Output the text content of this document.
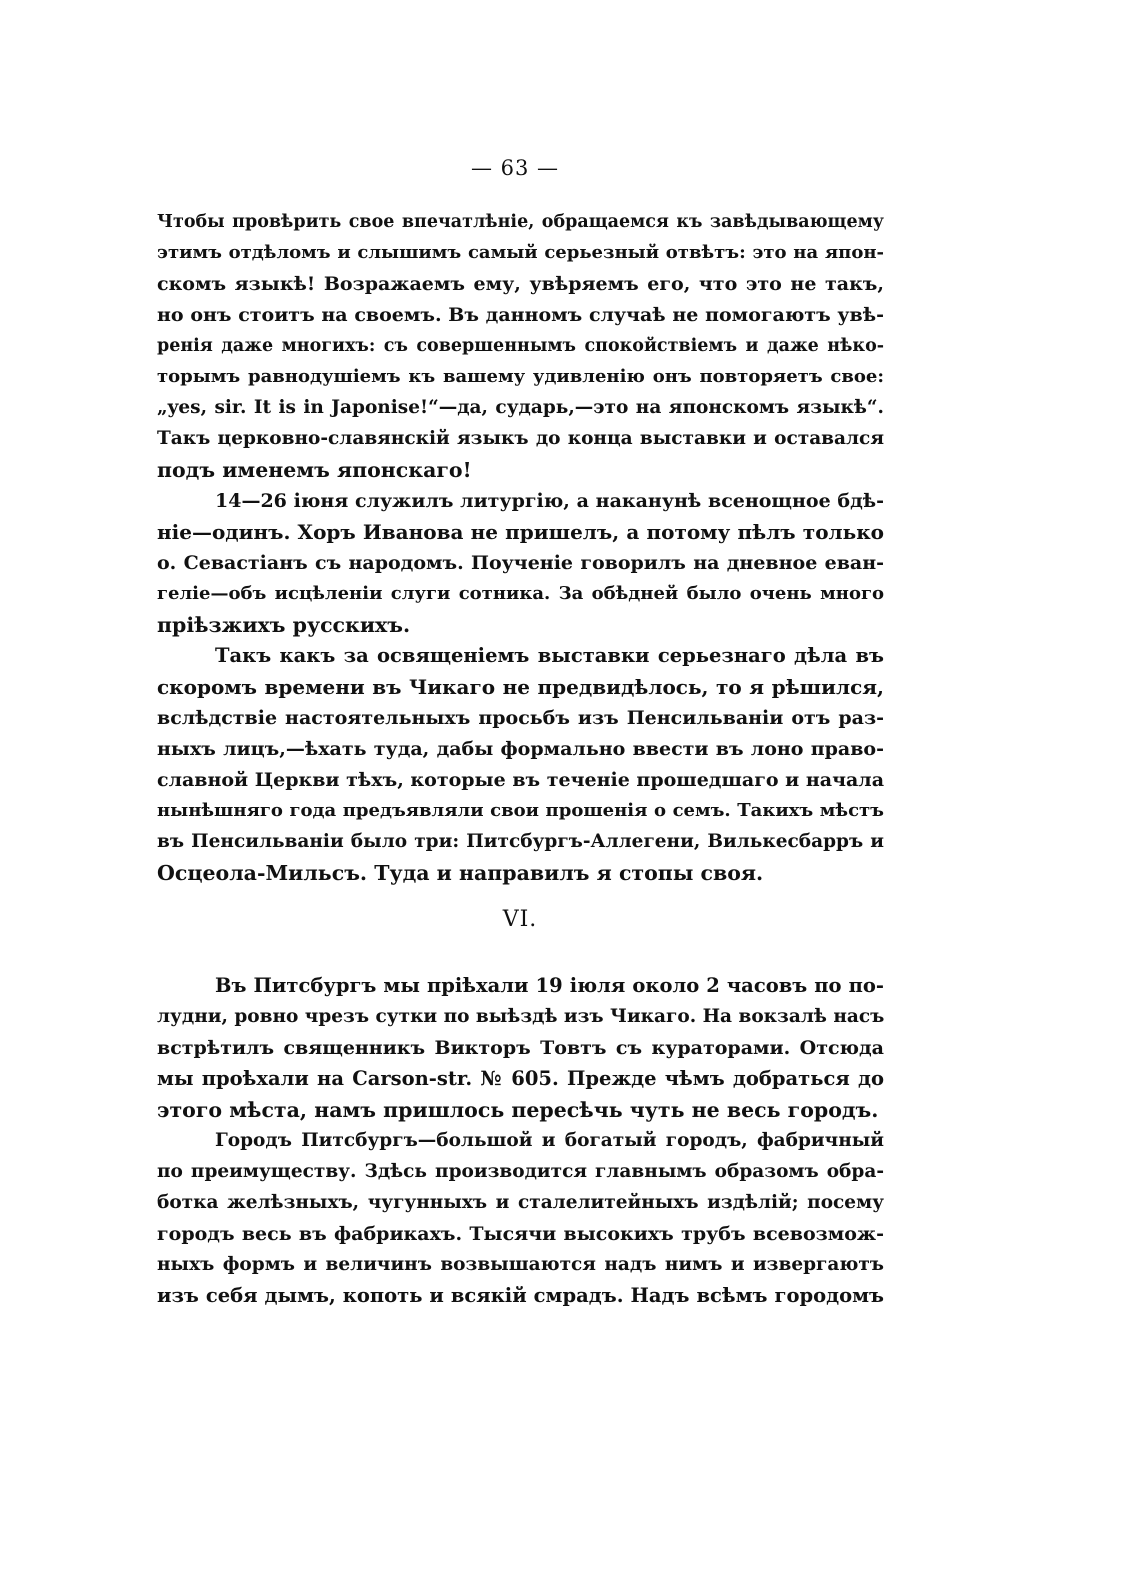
— 63 —
Чтобы провѣрить свое впечатлѣніе, обращаемся къ завѣдывающему
этимъ отдѣломъ и слышимъ самый серьезный отвѣтъ: это на япон-
скомъ языкѣ! Возражаемъ ему, увѣряемъ его, что это не такъ,
но онъ стоитъ на своемъ. Въ данномъ случаѣ не помогаютъ увѣ-
ренія даже многихъ: съ совершеннымъ спокойствіемъ и даже нѣко-
торымъ равнодушіемъ къ вашему удивленію онъ повторяетъ свое:
„yes, sir. It is in Japonise!“—да, сударь,—это на японскомъ языкѣ“.
Такъ церковно-славянскій языкъ до конца выставки и оставался
подъ именемъ японскаго!
14—26 іюня служилъ литургію, а наканунѣ всенощное бдѣ-
ніе—одинъ. Хоръ Иванова не пришелъ, а потому пѣлъ только
о. Севастіанъ съ народомъ. Поученіе говорилъ на дневное еван-
геліе—объ исцѣленіи слуги сотника. За обѣдней было очень много
пріѣзжихъ русскихъ.
Такъ какъ за освященіемъ выставки серьезнаго дѣла въ
скоромъ времени въ Чикаго не предвидѣлось, то я рѣшился,
вслѣдствіе настоятельныхъ просьбъ изъ Пенсильваніи отъ раз-
ныхъ лицъ,—ѣхать туда, дабы формально ввести въ лоно право-
славной Церкви тѣхъ, которые въ теченіе прошедшаго и начала
нынѣшняго года предъявляли свои прошенія о семъ. Такихъ мѣстъ
въ Пенсильваніи было три: Питсбургъ-Аллегени, Вилькесбарръ и
Осцеола-Мильсъ. Туда и направилъ я стопы своя.
VI.
Въ Питсбургъ мы пріѣхали 19 іюля около 2 часовъ по по-
лудни, ровно чрезъ сутки по выѣздѣ изъ Чикаго. На вокзалѣ насъ
встрѣтилъ священникъ Викторъ Товтъ съ кураторами. Отсюда
мы проѣхали на Carson-str. № 605. Прежде чѣмъ добраться до
этого мѣста, намъ пришлось пересѣчь чуть не весь городъ.
Городъ Питсбургъ—большой и богатый городъ, фабричный
по преимуществу. Здѣсь производится главнымъ образомъ обра-
ботка желѣзныхъ, чугунныхъ и сталелитейныхъ издѣлій; посему
городъ весь въ фабрикахъ. Тысячи высокихъ трубъ всевозмож-
ныхъ формъ и величинъ возвышаются надъ нимъ и извергаютъ
изъ себя дымъ, копоть и всякій смрадъ. Надъ всѣмъ городомъ
